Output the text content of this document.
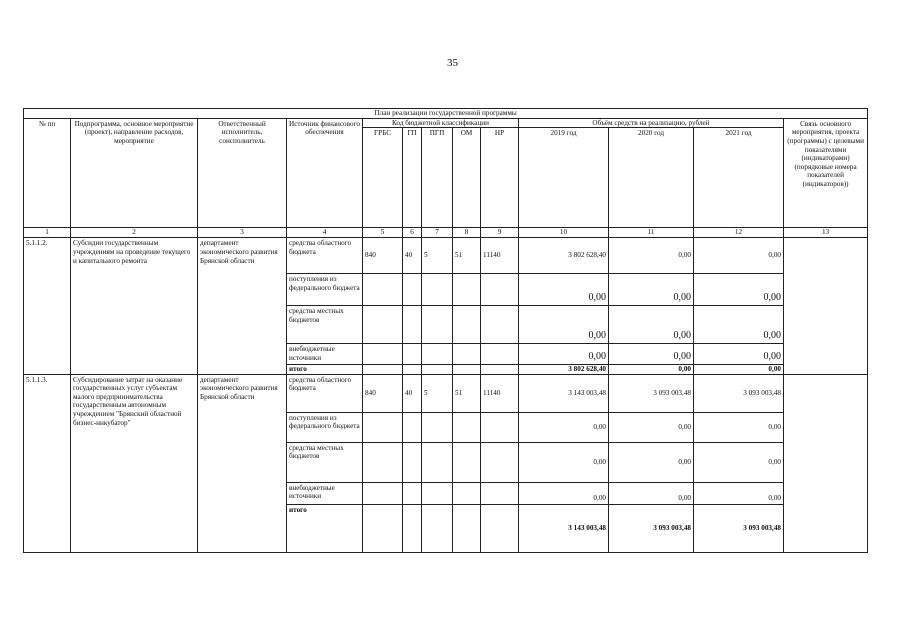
35
План реализации государственной программы												
№ пп	Подпрограмма, основное мероприятие (проект), направление расходов, мероприятие	Ответственный исполнитель, соисполнитель	Источник финансового обеспечения	Код бюджетной классификации					Объём средств на реализацию, рублей			Связь основного мероприятия, проекта (программы) с целевыми показателями (индикаторами) (порядковые номера показателей (индикаторов))
				ГРБС	ГП	ПГП	ОМ	НР	2019 год	2020 год	2021 год	
1	2	3	4	5	6	7	8	9	10	11	12	13
5.1.1.2.	Субсидии государственным учреждениям на проведение текущего и капитального ремонта	департамент экономического развития Брянской области	средства областного бюджета	840	40	5	51	11140	3 802 628,40	0,00	0,00	
			поступления из федерального бюджета						0,00	0,00	0,00	
			средства местных бюджетов						0,00	0,00	0,00	
			внебюджетные источники						0,00	0,00	0,00	
			итого						3 802 628,40	0,00	0,00	
5.1.1.3.	Субсидирование затрат на оказание государственных услуг субъектам малого предпринимательства государственным автономным учреждением "Брянский областной бизнес-инкубатор"	департамент экономического развития Брянской области	средства областного бюджета	840	40	5	51	11140	3 143 003,48	3 093 003,48	3 093 003,48	
			поступления из федерального бюджета						0,00	0,00	0,00	
			средства местных бюджетов						0,00	0,00	0,00	
			внебюджетные источники						0,00	0,00	0,00	
			итого						3 143 003,48	3 093 003,48	3 093 003,48	
